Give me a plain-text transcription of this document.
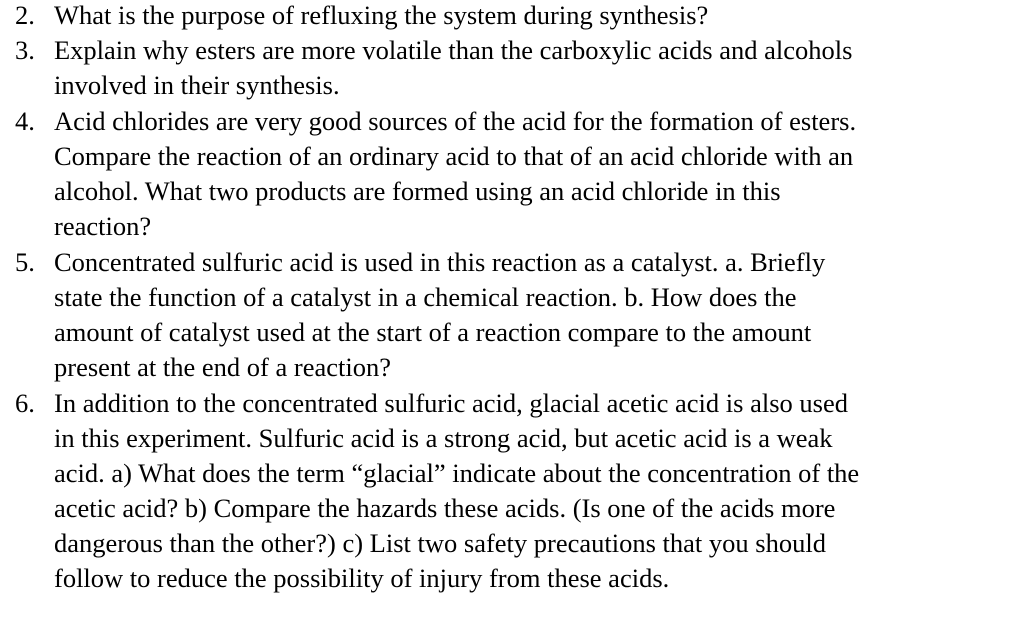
2. What is the purpose of refluxing the system during synthesis?
3. Explain why esters are more volatile than the carboxylic acids and alcohols
involved in their synthesis.
4. Acid chlorides are very good sources of the acid for the formation of esters.
Compare the reaction of an ordinary acid to that of an acid chloride with an
alcohol. What two products are formed using an acid chloride in this
reaction?
5. Concentrated sulfuric acid is used in this reaction as a catalyst. a. Briefly
state the function of a catalyst in a chemical reaction. b. How does the
amount of catalyst used at the start of a reaction compare to the amount
present at the end of a reaction?
6. In addition to the concentrated sulfuric acid, glacial acetic acid is also used
in this experiment. Sulfuric acid is a strong acid, but acetic acid is a weak
acid. a) What does the term “glacial” indicate about the concentration of the
acetic acid? b) Compare the hazards these acids. (Is one of the acids more
dangerous than the other?) c) List two safety precautions that you should
follow to reduce the possibility of injury from these acids.
